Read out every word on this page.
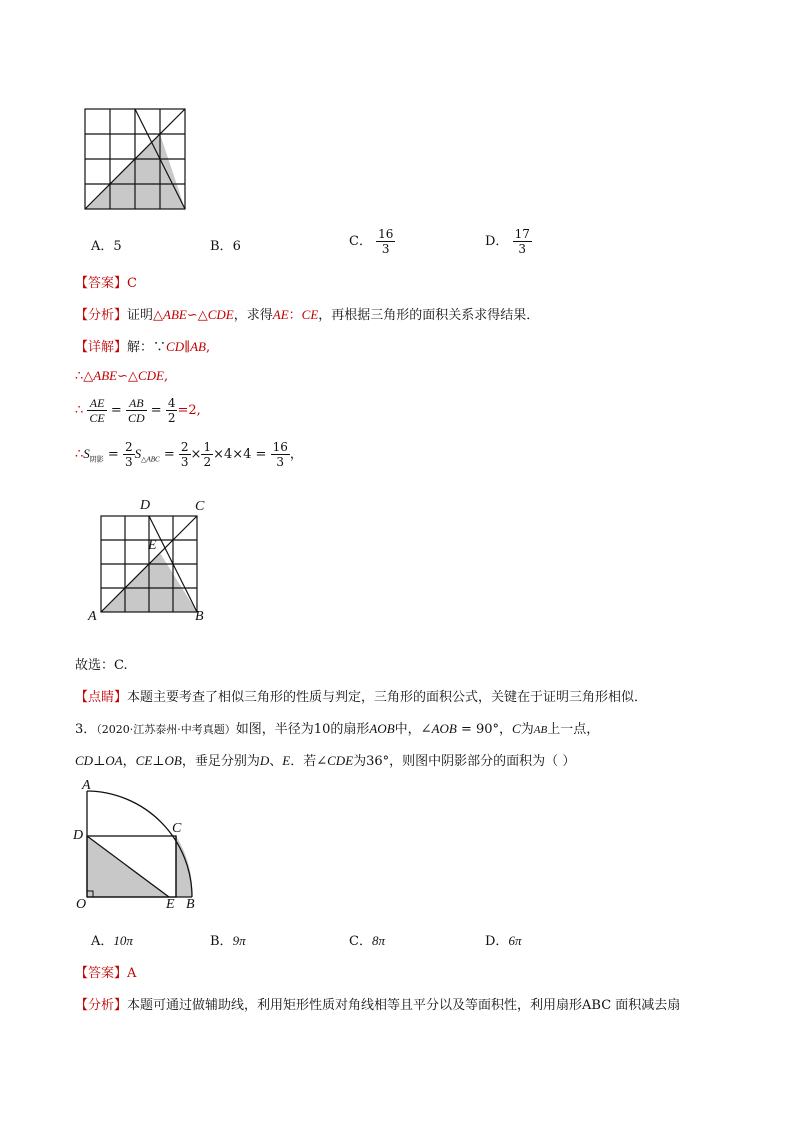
A．5	B．6	C． $\frac{16}{3}$	D． $\frac{17}{3}$
【答案】C
【分析】证明△ABE∽△CDE，求得AE：CE，再根据三角形的面积关系求得结果．
【详解】解：∵CD∥AB,
∴△ABE∽△CDE,
∴ $\frac{AE}{CE} = \frac{AB}{CD} = \frac{4}{2} =2$,
$\therefore S_{阴影} = \frac{2}{3} S_{\triangle ABC} = \frac{2}{3} \times \frac{1}{2} \times 4\times 4 = \frac{16}{3}$ ，
D	C
E
A	B
故选：C.
【点睛】本题主要考查了相似三角形的性质与判定，三角形的面积公式，关键在于证明三角形相似．
3．（2020·江苏泰州·中考真题）如图，半径为10的扇形AOB中，∠AOB = 90°，C为AB上一点，
CD⊥OA，CE⊥OB，垂足分别为D、E．若∠CDE为36°，则图中阴影部分的面积为（ ）
A
C
D
O	E B
A．10π	B．9π	C．8π	D．6π
【答案】A
【分析】本题可通过做辅助线，利用矩形性质对角线相等且平分以及等面积性，利用扇形ABC 面积减去扇
